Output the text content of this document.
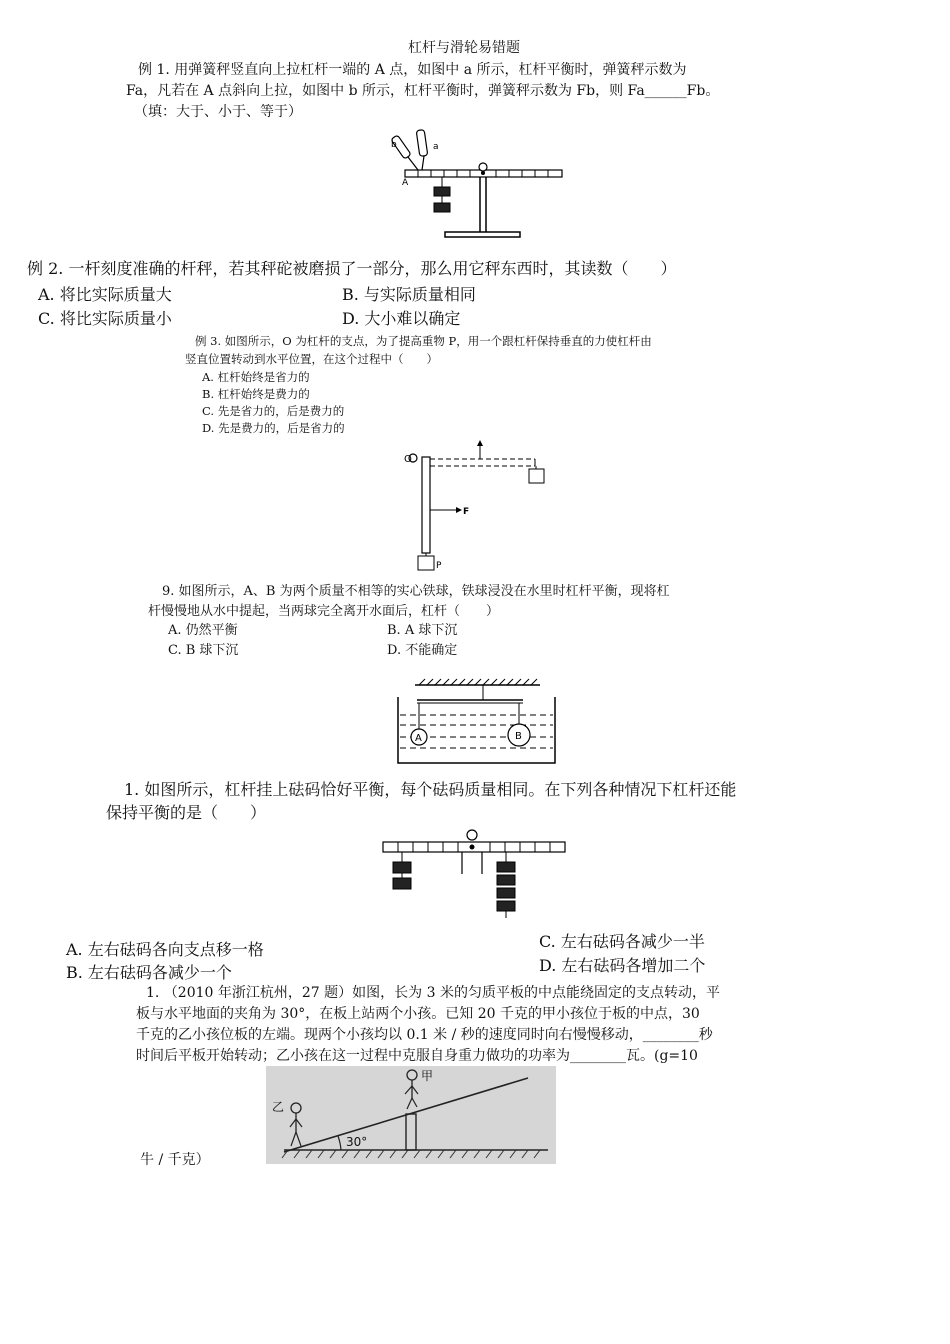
杠杆与滑轮易错题
例 1. 用弹簧秤竖直向上拉杠杆一端的 A 点，如图中 a 所示，杠杆平衡时，弹簧秤示数为
Fa，凡若在 A 点斜向上拉，如图中 b 所示，杠杆平衡时，弹簧秤示数为 Fb，则 Fa______Fb。
（填：大于、小于、等于）
a
b
A
例 2. 一杆刻度准确的杆秤，若其秤砣被磨损了一部分，那么用它秤东西时，其读数（　　）
A. 将比实际质量大	B. 与实际质量相同
C. 将比实际质量小	D. 大小难以确定
例 3. 如图所示，O 为杠杆的支点，为了提高重物 P，用一个跟杠杆保持垂直的力使杠杆由
竖直位置转动到水平位置，在这个过程中（　　）
A. 杠杆始终是省力的
B. 杠杆始终是费力的
C. 先是省力的，后是费力的
D. 先是费力的，后是省力的
O
F
P
9. 如图所示，A、B 为两个质量不相等的实心铁球，铁球浸没在水里时杠杆平衡，现将杠
杆慢慢地从水中提起，当两球完全离开水面后，杠杆（　　）
A. 仍然平衡	B. A 球下沉
C. B 球下沉	D. 不能确定
A	B
1. 如图所示，杠杆挂上砝码恰好平衡，每个砝码质量相同。在下列各种情况下杠杆还能
保持平衡的是（　　）
A. 左右砝码各向支点移一格
B. 左右砝码各减少一个
C. 左右砝码各减少一半
D. 左右砝码各增加二个
1. （2010 年浙江杭州，27 题）如图，长为 3 米的匀质平板的中点能绕固定的支点转动，平
板与水平地面的夹角为 30°，在板上站两个小孩。已知 20 千克的甲小孩位于板的中点，30
千克的乙小孩位板的左端。现两个小孩均以 0.1 米 / 秒的速度同时向右慢慢移动，________秒
时间后平板开始转动；乙小孩在这一过程中克服自身重力做功的功率为________瓦。(g=10
甲
乙
30°
牛 / 千克）
